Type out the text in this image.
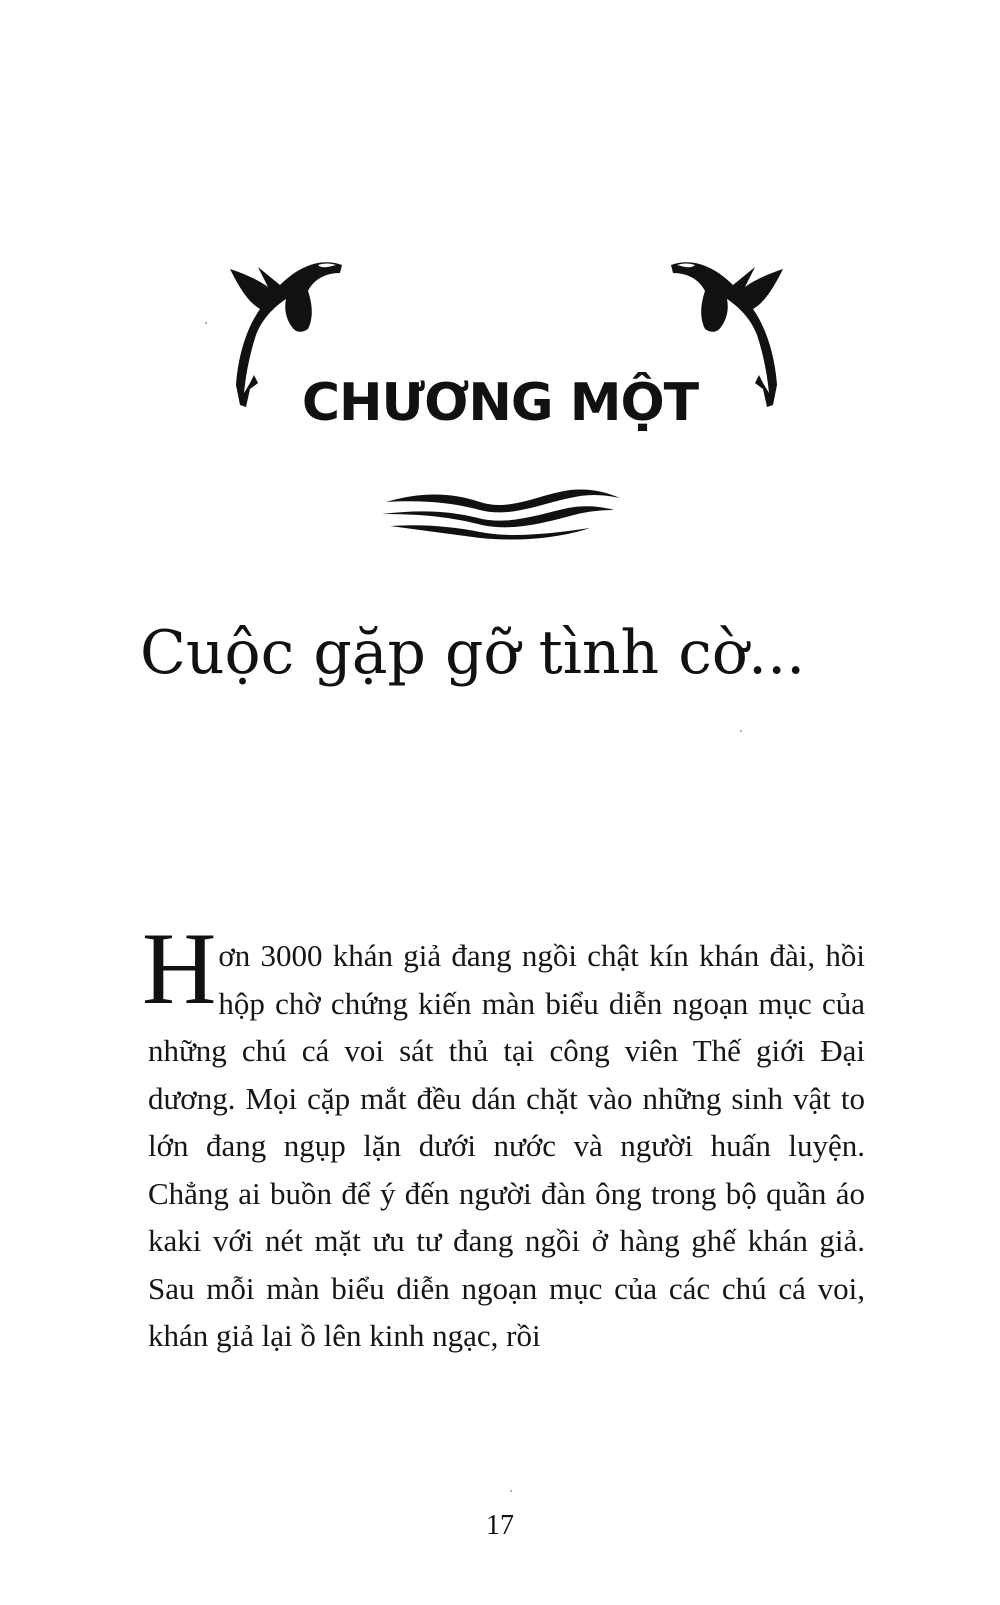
CHƯƠNG MỘT
Cuộc gặp gỡ tình cờ...
H ơn 3000 khán giả đang ngồi chật kín khán đài, hồi hộp chờ chứng kiến màn biểu diễn ngoạn mục của những chú cá voi sát thủ tại công viên Thế giới Đại dương. Mọi cặp mắt đều dán chặt vào những sinh vật to lớn đang ngụp lặn dưới nước và người huấn luyện. Chẳng ai buồn để ý đến người đàn ông trong bộ quần áo kaki với nét mặt ưu tư đang ngồi ở hàng ghế khán giả. Sau mỗi màn biểu diễn ngoạn mục của các chú cá voi, khán giả lại ồ lên kinh ngạc, rồi
17
